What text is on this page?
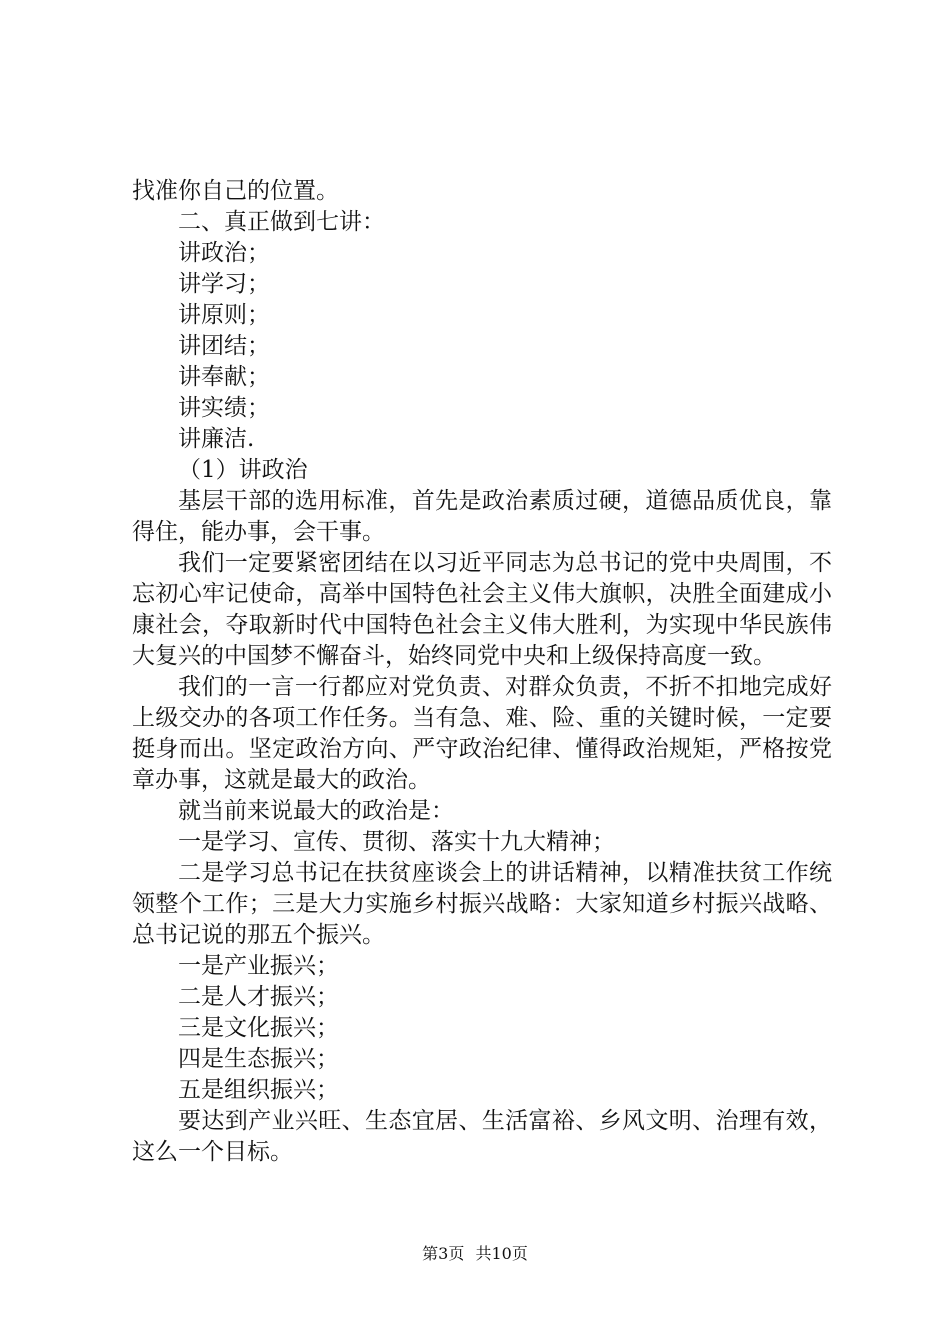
找准你自己的位置。

二、真正做到七讲：

讲政治；

讲学习；

讲原则；

讲团结；

讲奉献；

讲实绩；

讲廉洁.

（1）讲政治

基层干部的选用标准，首先是政治素质过硬，道德品质优良，靠得住，能办事，会干事。

我们一定要紧密团结在以习近平同志为总书记的党中央周围，不忘初心牢记使命，高举中国特色社会主义伟大旗帜，决胜全面建成小康社会，夺取新时代中国特色社会主义伟大胜利，为实现中华民族伟大复兴的中国梦不懈奋斗，始终同党中央和上级保持高度一致。

我们的一言一行都应对党负责、对群众负责，不折不扣地完成好上级交办的各项工作任务。当有急、难、险、重的关键时候，一定要挺身而出。坚定政治方向、严守政治纪律、懂得政治规矩，严格按党章办事，这就是最大的政治。

就当前来说最大的政治是：

一是学习、宣传、贯彻、落实十九大精神；

二是学习总书记在扶贫座谈会上的讲话精神，以精准扶贫工作统领整个工作；三是大力实施乡村振兴战略：大家知道乡村振兴战略、总书记说的那五个振兴。

一是产业振兴；

二是人才振兴；

三是文化振兴；

四是生态振兴；

五是组织振兴；

要达到产业兴旺、生态宜居、生活富裕、乡风文明、治理有效，这么一个目标。

第3页 共10页
